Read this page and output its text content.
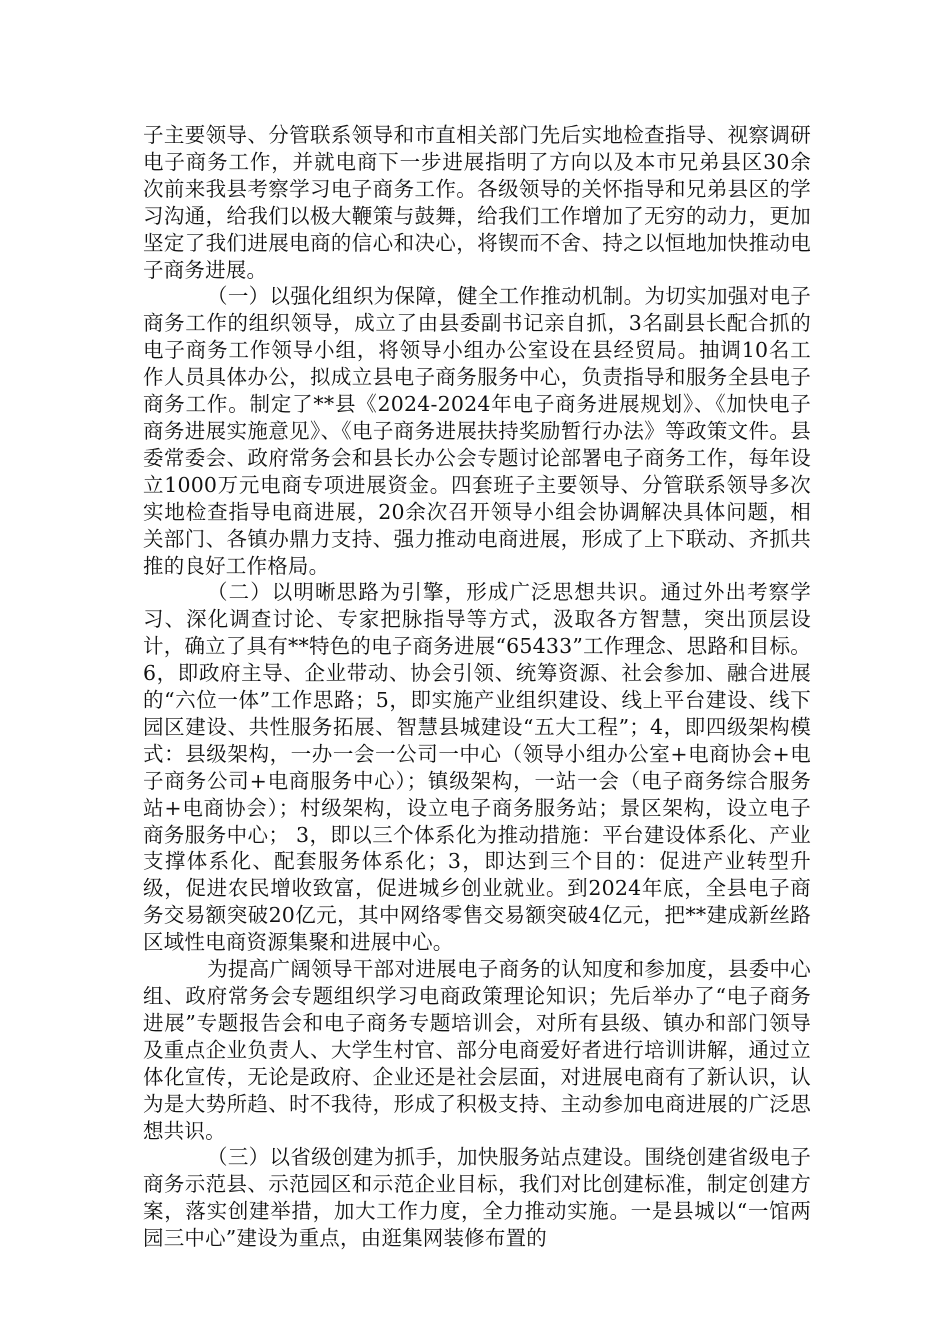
子主要领导、分管联系领导和市直相关部门先后实地检查指导、视察调研电子商务工作，并就电商下一步进展指明了方向以及本市兄弟县区30余次前来我县考察学习电子商务工作。各级领导的关怀指导和兄弟县区的学习沟通，给我们以极大鞭策与鼓舞，给我们工作增加了无穷的动力，更加坚定了我们进展电商的信心和决心，将锲而不舍、持之以恒地加快推动电子商务进展。

（一）以强化组织为保障，健全工作推动机制。为切实加强对电子商务工作的组织领导，成立了由县委副书记亲自抓，3名副县长配合抓的电子商务工作领导小组，将领导小组办公室设在县经贸局。抽调10名工作人员具体办公，拟成立县电子商务服务中心，负责指导和服务全县电子商务工作。制定了**县《2024-2024年电子商务进展规划》、《加快电子商务进展实施意见》、《电子商务进展扶持奖励暂行办法》等政策文件。县委常委会、政府常务会和县长办公会专题讨论部署电子商务工作，每年设立1000万元电商专项进展资金。四套班子主要领导、分管联系领导多次实地检查指导电商进展，20余次召开领导小组会协调解决具体问题，相关部门、各镇办鼎力支持、强力推动电商进展，形成了上下联动、齐抓共推的良好工作格局。

（二）以明晰思路为引擎，形成广泛思想共识。通过外出考察学习、深化调查讨论、专家把脉指导等方式，汲取各方智慧，突出顶层设计，确立了具有**特色的电子商务进展“65433”工作理念、思路和目标。6，即政府主导、企业带动、协会引领、统筹资源、社会参加、融合进展的“六位一体”工作思路；5，即实施产业组织建设、线上平台建设、线下园区建设、共性服务拓展、智慧县城建设“五大工程”；4，即四级架构模式：县级架构，一办一会一公司一中心（领导小组办公室+电商协会+电子商务公司+电商服务中心）；镇级架构，一站一会（电子商务综合服务站+电商协会）；村级架构，设立电子商务服务站；景区架构，设立电子商务服务中心； 3，即以三个体系化为推动措施：平台建设体系化、产业支撑体系化、配套服务体系化；3，即达到三个目的：促进产业转型升级，促进农民增收致富，促进城乡创业就业。到2024年底，全县电子商务交易额突破20亿元，其中网络零售交易额突破4亿元，把**建成新丝路区域性电商资源集聚和进展中心。

为提高广阔领导干部对进展电子商务的认知度和参加度，县委中心组、政府常务会专题组织学习电商政策理论知识；先后举办了“电子商务进展”专题报告会和电子商务专题培训会，对所有县级、镇办和部门领导及重点企业负责人、大学生村官、部分电商爱好者进行培训讲解，通过立体化宣传，无论是政府、企业还是社会层面，对进展电商有了新认识，认为是大势所趋、时不我待，形成了积极支持、主动参加电商进展的广泛思想共识。

（三）以省级创建为抓手，加快服务站点建设。围绕创建省级电子商务示范县、示范园区和示范企业目标，我们对比创建标准，制定创建方案，落实创建举措，加大工作力度，全力推动实施。一是县城以“一馆两园三中心”建设为重点，由逛集网装修布置的
